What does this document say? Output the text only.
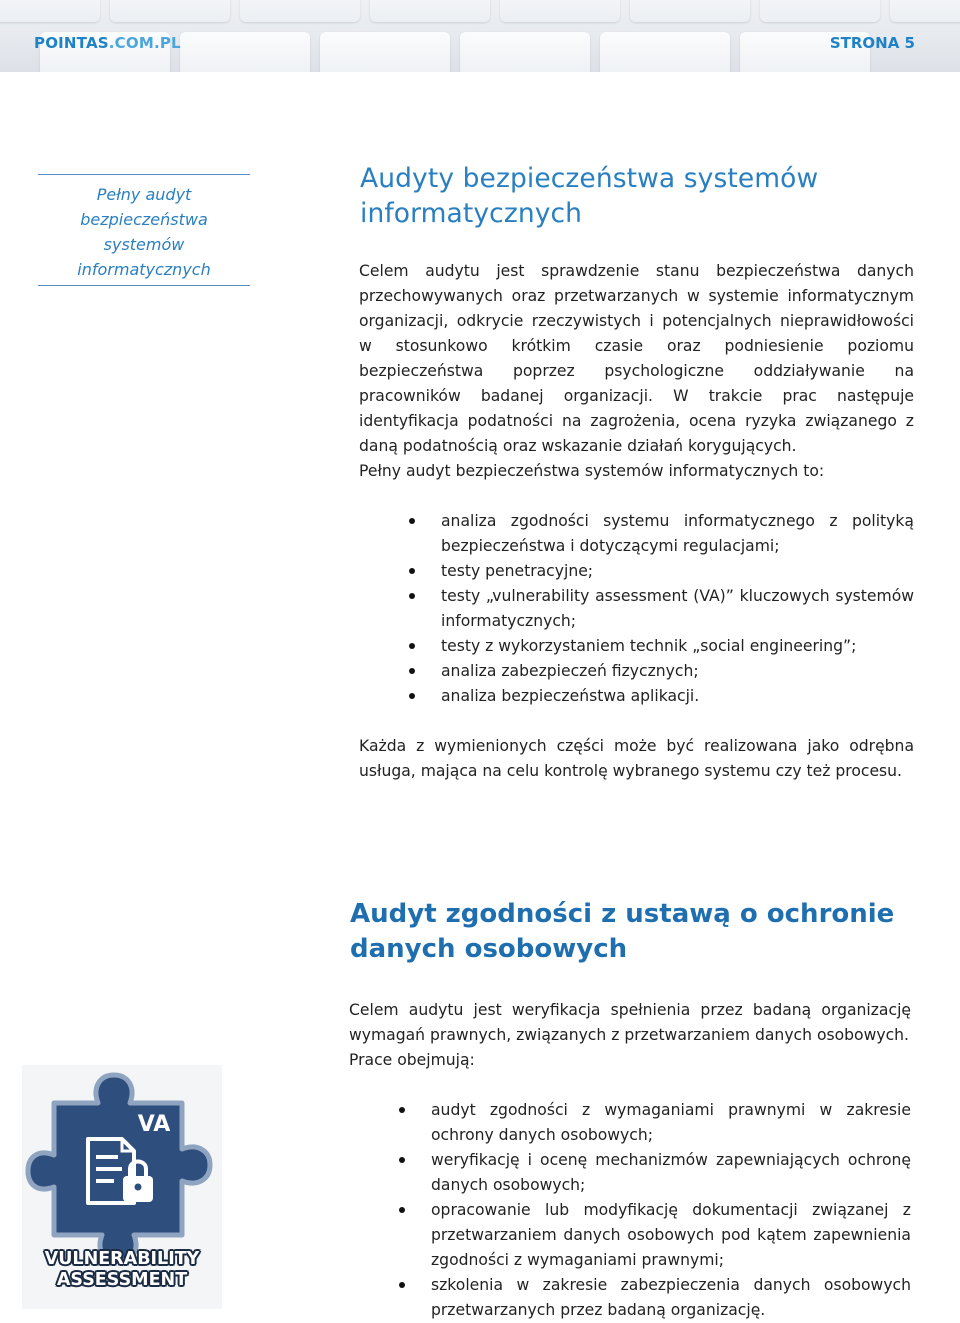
POINTAS.COM.PL	STRONA 5
Pełny audyt bezpieczeństwa systemów informatycznych
Audyty bezpieczeństwa systemów informatycznych
Celem audytu jest sprawdzenie stanu bezpieczeństwa danych przechowywanych oraz przetwarzanych w systemie informatycznym organizacji, odkrycie rzeczywistych i potencjalnych nieprawidłowości w stosunkowo krótkim czasie oraz podniesienie poziomu bezpieczeństwa poprzez psychologiczne oddziaływanie na pracowników badanej organizacji. W trakcie prac następuje identyfikacja podatności na zagrożenia, ocena ryzyka związanego z daną podatnością oraz wskazanie działań korygujących.
Pełny audyt bezpieczeństwa systemów informatycznych to:
analiza zgodności systemu informatycznego z polityką bezpieczeństwa i dotyczącymi regulacjami;
testy penetracyjne;
testy „vulnerability assessment (VA)” kluczowych systemów informatycznych;
testy z wykorzystaniem technik „social engineering”;
analiza zabezpieczeń fizycznych;
analiza bezpieczeństwa aplikacji.
Każda z wymienionych części może być realizowana jako odrębna usługa, mająca na celu kontrolę wybranego systemu czy też procesu.
Audyt zgodności z ustawą o ochronie danych osobowych
Celem audytu jest weryfikacja spełnienia przez badaną organizację wymagań prawnych, związanych z przetwarzaniem danych osobowych.
Prace obejmują:
audyt zgodności z wymaganiami prawnymi w zakresie ochrony danych osobowych;
weryfikację i ocenę mechanizmów zapewniających ochronę danych osobowych;
opracowanie lub modyfikację dokumentacji związanej z przetwarzaniem danych osobowych pod kątem zapewnienia zgodności z wymaganiami prawnymi;
szkolenia w zakresie zabezpieczenia danych osobowych przetwarzanych przez badaną organizację.
VA
VULNERABILITY
ASSESSMENT
